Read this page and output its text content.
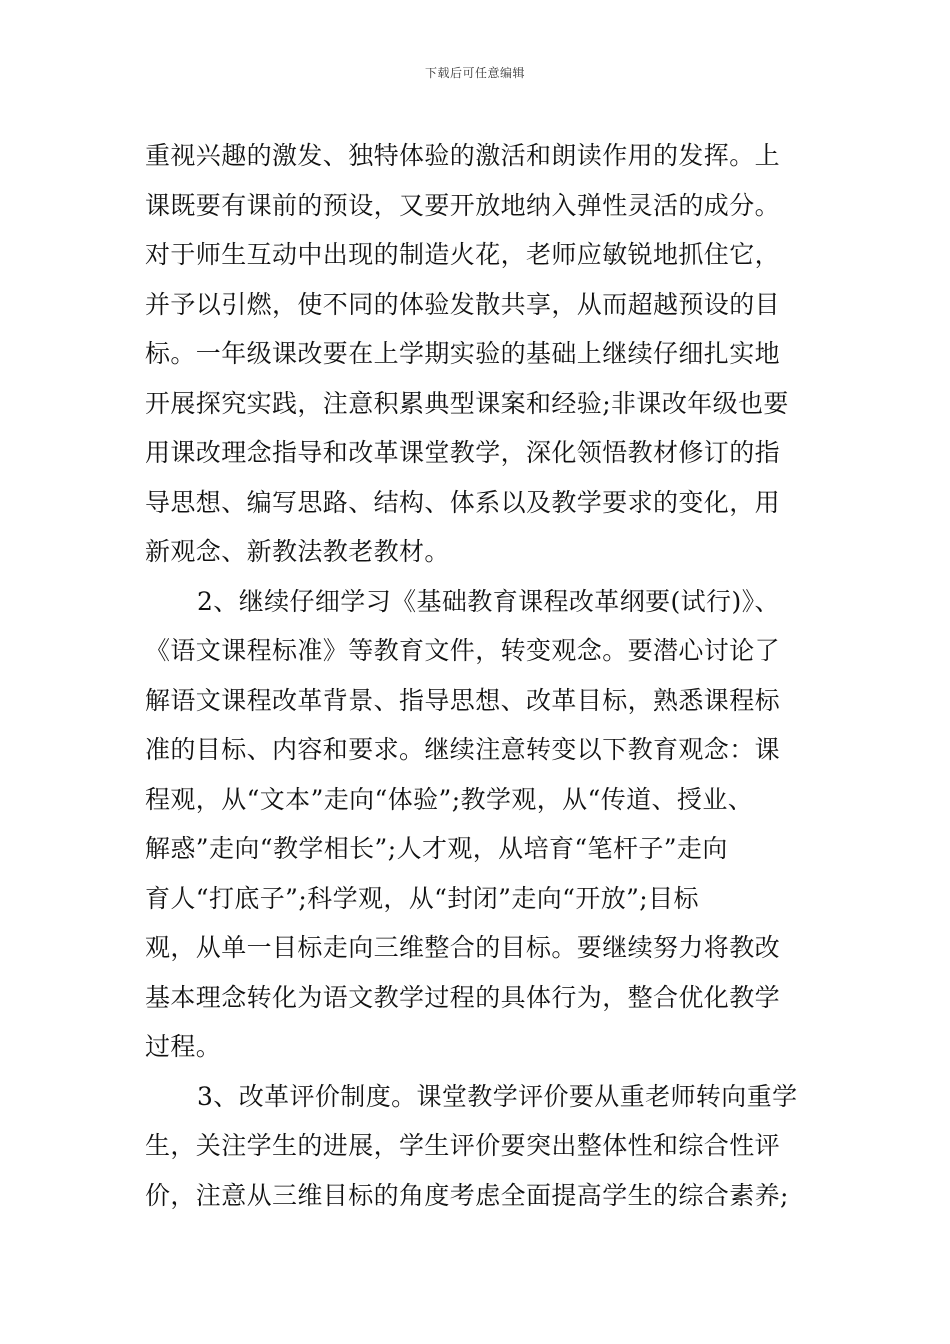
下载后可任意编辑
重视兴趣的激发、独特体验的激活和朗读作用的发挥。上
课既要有课前的预设，又要开放地纳入弹性灵活的成分。
对于师生互动中出现的制造火花，老师应敏锐地抓住它，
并予以引燃，使不同的体验发散共享，从而超越预设的目
标。一年级课改要在上学期实验的基础上继续仔细扎实地
开展探究实践，注意积累典型课案和经验;非课改年级也要
用课改理念指导和改革课堂教学，深化领悟教材修订的指
导思想、编写思路、结构、体系以及教学要求的变化，用
新观念、新教法教老教材。
2、继续仔细学习《基础教育课程改革纲要(试行)》、
《语文课程标准》等教育文件，转变观念。要潜心讨论了
解语文课程改革背景、指导思想、改革目标，熟悉课程标
准的目标、内容和要求。继续注意转变以下教育观念：课
程观，从“文本”走向“体验”;教学观，从“传道、授业、
解惑”走向“教学相长”;人才观，从培育“笔杆子”走向
育人“打底子”;科学观，从“封闭”走向“开放”;目标
观，从单一目标走向三维整合的目标。要继续努力将教改
基本理念转化为语文教学过程的具体行为，整合优化教学
过程。
3、改革评价制度。课堂教学评价要从重老师转向重学
生，关注学生的进展，学生评价要突出整体性和综合性评
价，注意从三维目标的角度考虑全面提高学生的综合素养;
